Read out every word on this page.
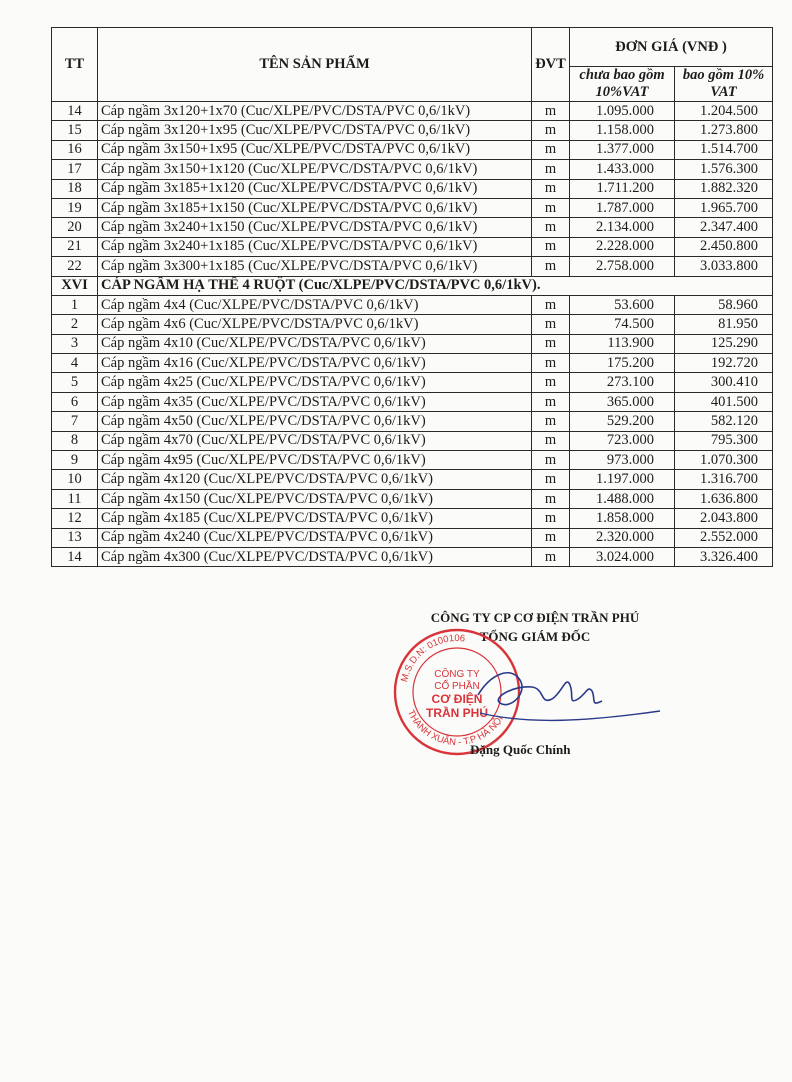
TT	TÊN SẢN PHẨM	ĐVT	ĐƠN GIÁ (VNĐ )	
			chưa bao gồm 10%VAT	bao gồm 10% VAT
14	Cáp ngầm 3x120+1x70 (Cuc/XLPE/PVC/DSTA/PVC 0,6/1kV)	m	1.095.000	1.204.500
15	Cáp ngầm 3x120+1x95 (Cuc/XLPE/PVC/DSTA/PVC 0,6/1kV)	m	1.158.000	1.273.800
16	Cáp ngầm 3x150+1x95 (Cuc/XLPE/PVC/DSTA/PVC 0,6/1kV)	m	1.377.000	1.514.700
17	Cáp ngầm 3x150+1x120 (Cuc/XLPE/PVC/DSTA/PVC 0,6/1kV)	m	1.433.000	1.576.300
18	Cáp ngầm 3x185+1x120 (Cuc/XLPE/PVC/DSTA/PVC 0,6/1kV)	m	1.711.200	1.882.320
19	Cáp ngầm 3x185+1x150 (Cuc/XLPE/PVC/DSTA/PVC 0,6/1kV)	m	1.787.000	1.965.700
20	Cáp ngầm 3x240+1x150 (Cuc/XLPE/PVC/DSTA/PVC 0,6/1kV)	m	2.134.000	2.347.400
21	Cáp ngầm 3x240+1x185 (Cuc/XLPE/PVC/DSTA/PVC 0,6/1kV)	m	2.228.000	2.450.800
22	Cáp ngầm 3x300+1x185 (Cuc/XLPE/PVC/DSTA/PVC 0,6/1kV)	m	2.758.000	3.033.800
XVI	CÁP NGẦM HẠ THẾ 4 RUỘT (Cuc/XLPE/PVC/DSTA/PVC 0,6/1kV).			
1	Cáp ngầm 4x4 (Cuc/XLPE/PVC/DSTA/PVC 0,6/1kV)	m	53.600	58.960
2	Cáp ngầm 4x6 (Cuc/XLPE/PVC/DSTA/PVC 0,6/1kV)	m	74.500	81.950
3	Cáp ngầm 4x10 (Cuc/XLPE/PVC/DSTA/PVC 0,6/1kV)	m	113.900	125.290
4	Cáp ngầm 4x16 (Cuc/XLPE/PVC/DSTA/PVC 0,6/1kV)	m	175.200	192.720
5	Cáp ngầm 4x25 (Cuc/XLPE/PVC/DSTA/PVC 0,6/1kV)	m	273.100	300.410
6	Cáp ngầm 4x35 (Cuc/XLPE/PVC/DSTA/PVC 0,6/1kV)	m	365.000	401.500
7	Cáp ngầm 4x50 (Cuc/XLPE/PVC/DSTA/PVC 0,6/1kV)	m	529.200	582.120
8	Cáp ngầm 4x70 (Cuc/XLPE/PVC/DSTA/PVC 0,6/1kV)	m	723.000	795.300
9	Cáp ngầm 4x95 (Cuc/XLPE/PVC/DSTA/PVC 0,6/1kV)	m	973.000	1.070.300
10	Cáp ngầm 4x120 (Cuc/XLPE/PVC/DSTA/PVC 0,6/1kV)	m	1.197.000	1.316.700
11	Cáp ngầm 4x150 (Cuc/XLPE/PVC/DSTA/PVC 0,6/1kV)	m	1.488.000	1.636.800
12	Cáp ngầm 4x185 (Cuc/XLPE/PVC/DSTA/PVC 0,6/1kV)	m	1.858.000	2.043.800
13	Cáp ngầm 4x240 (Cuc/XLPE/PVC/DSTA/PVC 0,6/1kV)	m	2.320.000	2.552.000
14	Cáp ngầm 4x300 (Cuc/XLPE/PVC/DSTA/PVC 0,6/1kV)	m	3.024.000	3.326.400
CÔNG TY CP CƠ ĐIỆN TRẦN PHÚ
TỔNG GIÁM ĐỐC
M.S.D.N: 0100106
THANH XUÂN - T.P HÀ NỘI
CÔNG TY
CỔ PHẦN
CƠ ĐIỆN
TRẦN PHÚ
Đặng Quốc Chính
